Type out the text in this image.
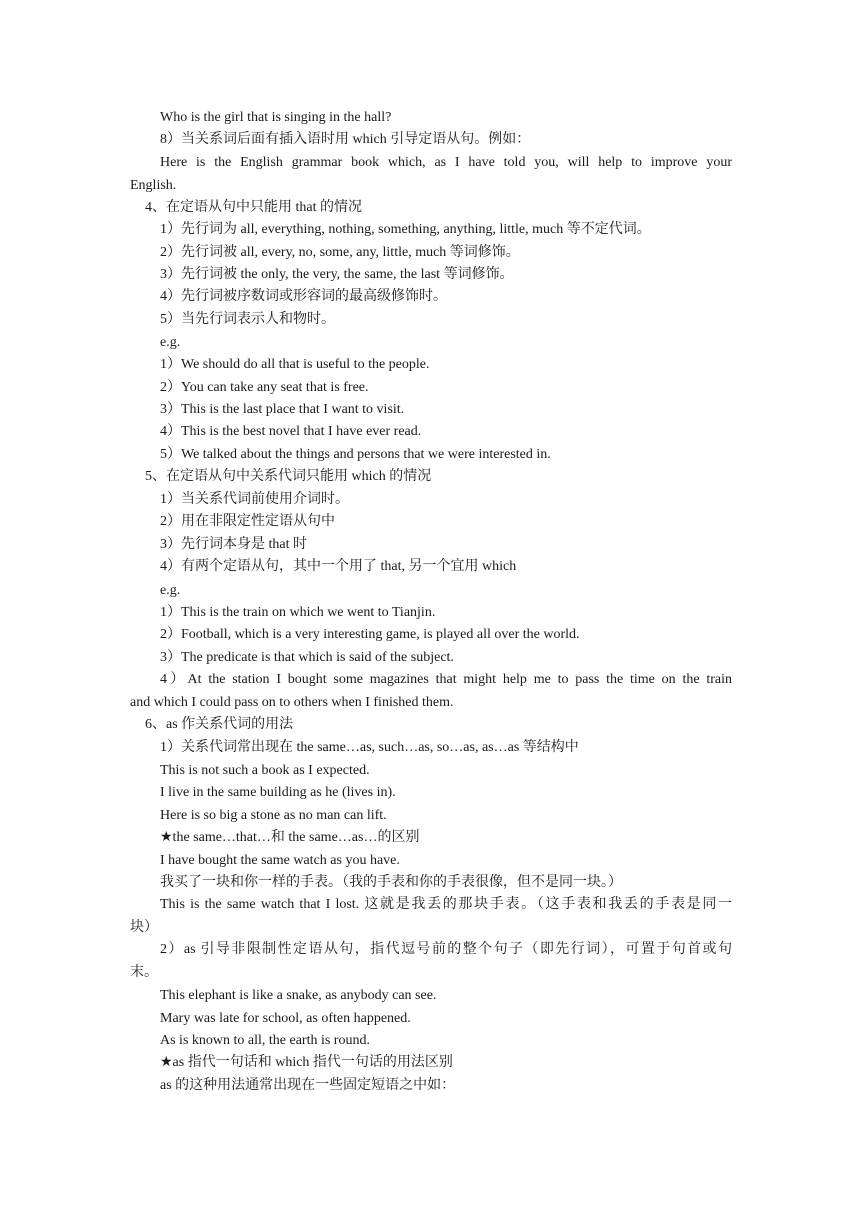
Who is the girl that is singing in the hall?

8）当关系词后面有插入语时用 which 引导定语从句。例如：

Here is the English grammar book which, as I have told you, will help to improve your

English.

4、在定语从句中只能用 that 的情况

1）先行词为 all, everything, nothing, something, anything, little, much 等不定代词。

2）先行词被 all, every, no, some, any, little, much 等词修饰。

3）先行词被 the only, the very, the same, the last 等词修饰。

4）先行词被序数词或形容词的最高级修饰时。

5）当先行词表示人和物时。

e.g.

1）We should do all that is useful to the people.

2）You can take any seat that is free.

3）This is the last place that I want to visit.

4）This is the best novel that I have ever read.

5）We talked about the things and persons that we were interested in.

5、在定语从句中关系代词只能用 which 的情况

1）当关系代词前使用介词时。

2）用在非限定性定语从句中

3）先行词本身是 that 时

4）有两个定语从句，其中一个用了 that, 另一个宜用 which

e.g.

1）This is the train on which we went to Tianjin.

2）Football, which is a very interesting game, is played all over the world.

3）The predicate is that which is said of the subject.

4）At the station I bought some magazines that might help me to pass the time on the train

and which I could pass on to others when I finished them.

6、as 作关系代词的用法

1）关系代词常出现在 the same…as, such…as, so…as, as…as 等结构中

This is not such a book as I expected.

I live in the same building as he (lives in).

Here is so big a stone as no man can lift.

★the same…that…和 the same…as…的区别

I have bought the same watch as you have.

我买了一块和你一样的手表。（我的手表和你的手表很像，但不是同一块。）

This is the same watch that I lost. 这就是我丢的那块手表。（这手表和我丢的手表是同一

块）

2）as 引导非限制性定语从句，指代逗号前的整个句子（即先行词），可置于句首或句

末。

This elephant is like a snake, as anybody can see.

Mary was late for school, as often happened.

As is known to all, the earth is round.

★as 指代一句话和 which 指代一句话的用法区别

as 的这种用法通常出现在一些固定短语之中如：
